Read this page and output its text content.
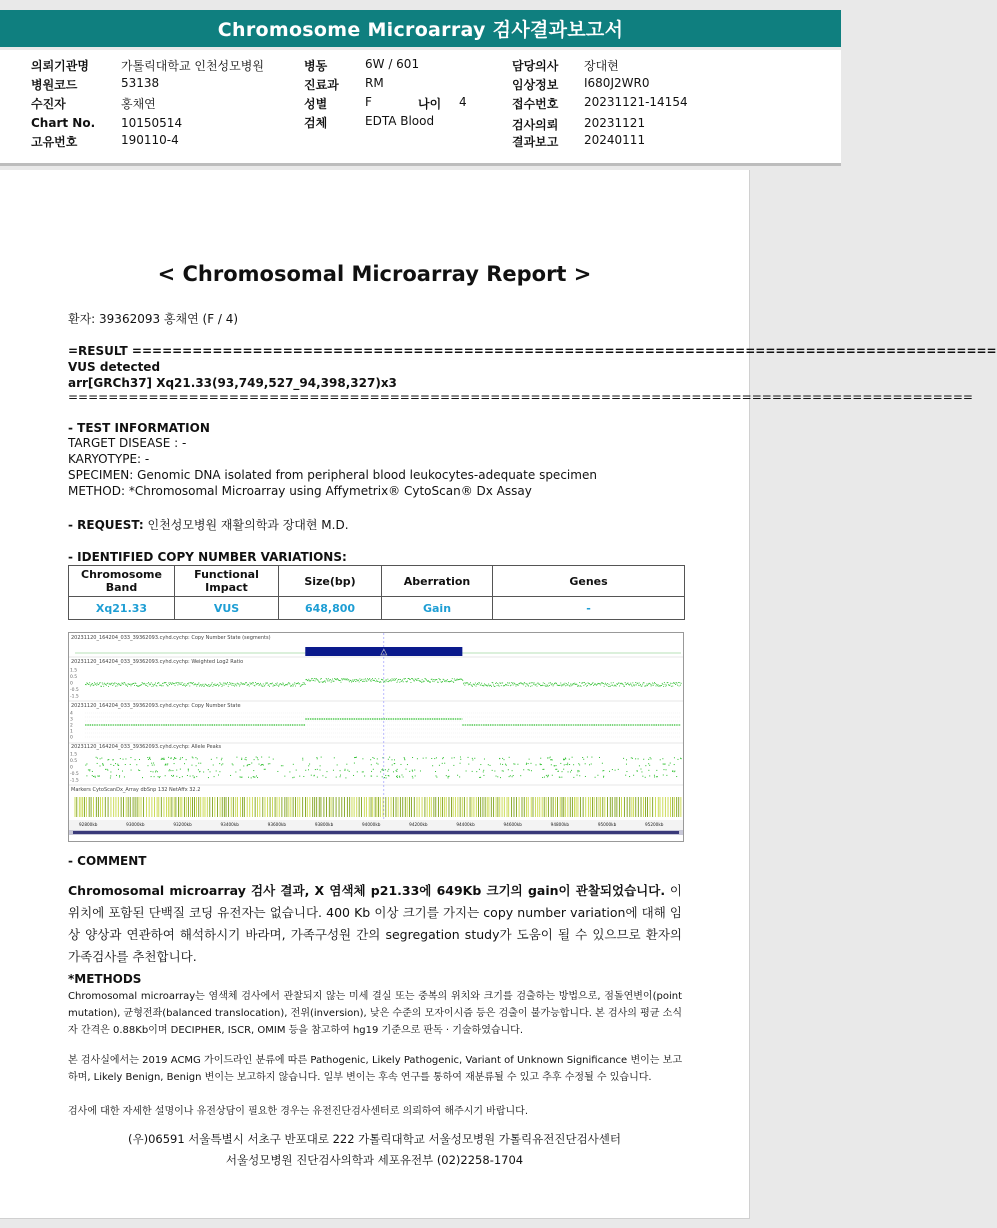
Chromosome Microarray 검사결과보고서
의뢰기관명	가톨릭대학교 인천성모병원
병원코드	53138
수진자	홍채연
Chart No. 10150514
고유번호	190110-4
병동	6W / 601
진료과 RM
성별	F	나이 4
검체	EDTA Blood
담당의사 장대현
임상정보 I680J2WR0
접수번호 20231121-14154
검사의뢰 20231121
결과보고 20240111
< Chromosomal Microarray Report >
환자: 39362093 홍채연 (F / 4)
=RESULT ======================================================================================
VUS detected
arr[GRCh37] Xq21.33(93,749,527_94,398,327)x3
==========================================================================================
- TEST INFORMATION
TARGET DISEASE : -
KARYOTYPE: -
SPECIMEN: Genomic DNA isolated from peripheral blood leukocytes-adequate specimen
METHOD: *Chromosomal Microarray using Affymetrix® CytoScan® Dx Assay
- REQUEST: 인천성모병원 재활의학과 장대현 M.D.
- IDENTIFIED COPY NUMBER VARIATIONS:
Chromosome Band	Functional Impact	Size(bp)	Aberration	Genes
Xq21.33	VUS	648,800	Gain	-
20231120_164204_033_39362093.cyhd.cychp: Copy Number State (segments)
20231120_164204_033_39362093.cyhd.cychp: Weighted Log2 Ratio
20231120_164204_033_39362093.cyhd.cychp: Copy Number State
20231120_164204_033_39362093.cyhd.cychp: Allele Peaks
Markers CytoScanDx_Array dbSnp 132 NetAffx 32.2
1.5
0.5
0
-0.5
-1.5
4
3
2
1
0
1.5
0.5
0
-0.5
-1.5
92800kb	93000kb	93200kb	93400kb	93600kb	93800kb	94000kb	94200kb	94400kb	94600kb	94800kb	95000kb	95200kb
- COMMENT
Chromosomal microarray 검사 결과, X 염색체 p21.33에 649Kb 크기의 gain이 관찰되었습니다. 이 위치에 포함된 단백질 코딩 유전자는 없습니다. 400 Kb 이상 크기를 가지는 copy number variation에 대해 임상 양상과 연관하여 해석하시기 바라며, 가족구성원 간의 segregation study가 도움이 될 수 있으므로 환자의 가족검사를 추천합니다.
*METHODS
Chromosomal microarray는 염색체 검사에서 관찰되지 않는 미세 결실 또는 중복의 위치와 크기를 검출하는 방법으로, 점돌연변이(point mutation), 균형전좌(balanced translocation), 전위(inversion), 낮은 수준의 모자이시즘 등은 검출이 불가능합니다. 본 검사의 평균 소식자 간격은 0.88Kb이며 DECIPHER, ISCR, OMIM 등을 참고하여 hg19 기준으로 판독 · 기술하였습니다.
본 검사실에서는 2019 ACMG 가이드라인 분류에 따른 Pathogenic, Likely Pathogenic, Variant of Unknown Significance 변이는 보고하며, Likely Benign, Benign 변이는 보고하지 않습니다. 일부 변이는 후속 연구를 통하여 재분류될 수 있고 추후 수정될 수 있습니다.
검사에 대한 자세한 설명이나 유전상담이 필요한 경우는 유전진단검사센터로 의뢰하여 해주시기 바랍니다.
(우)06591 서울특별시 서초구 반포대로 222 가톨릭대학교 서울성모병원 가톨릭유전진단검사센터
서울성모병원 진단검사의학과 세포유전부 (02)2258-1704
